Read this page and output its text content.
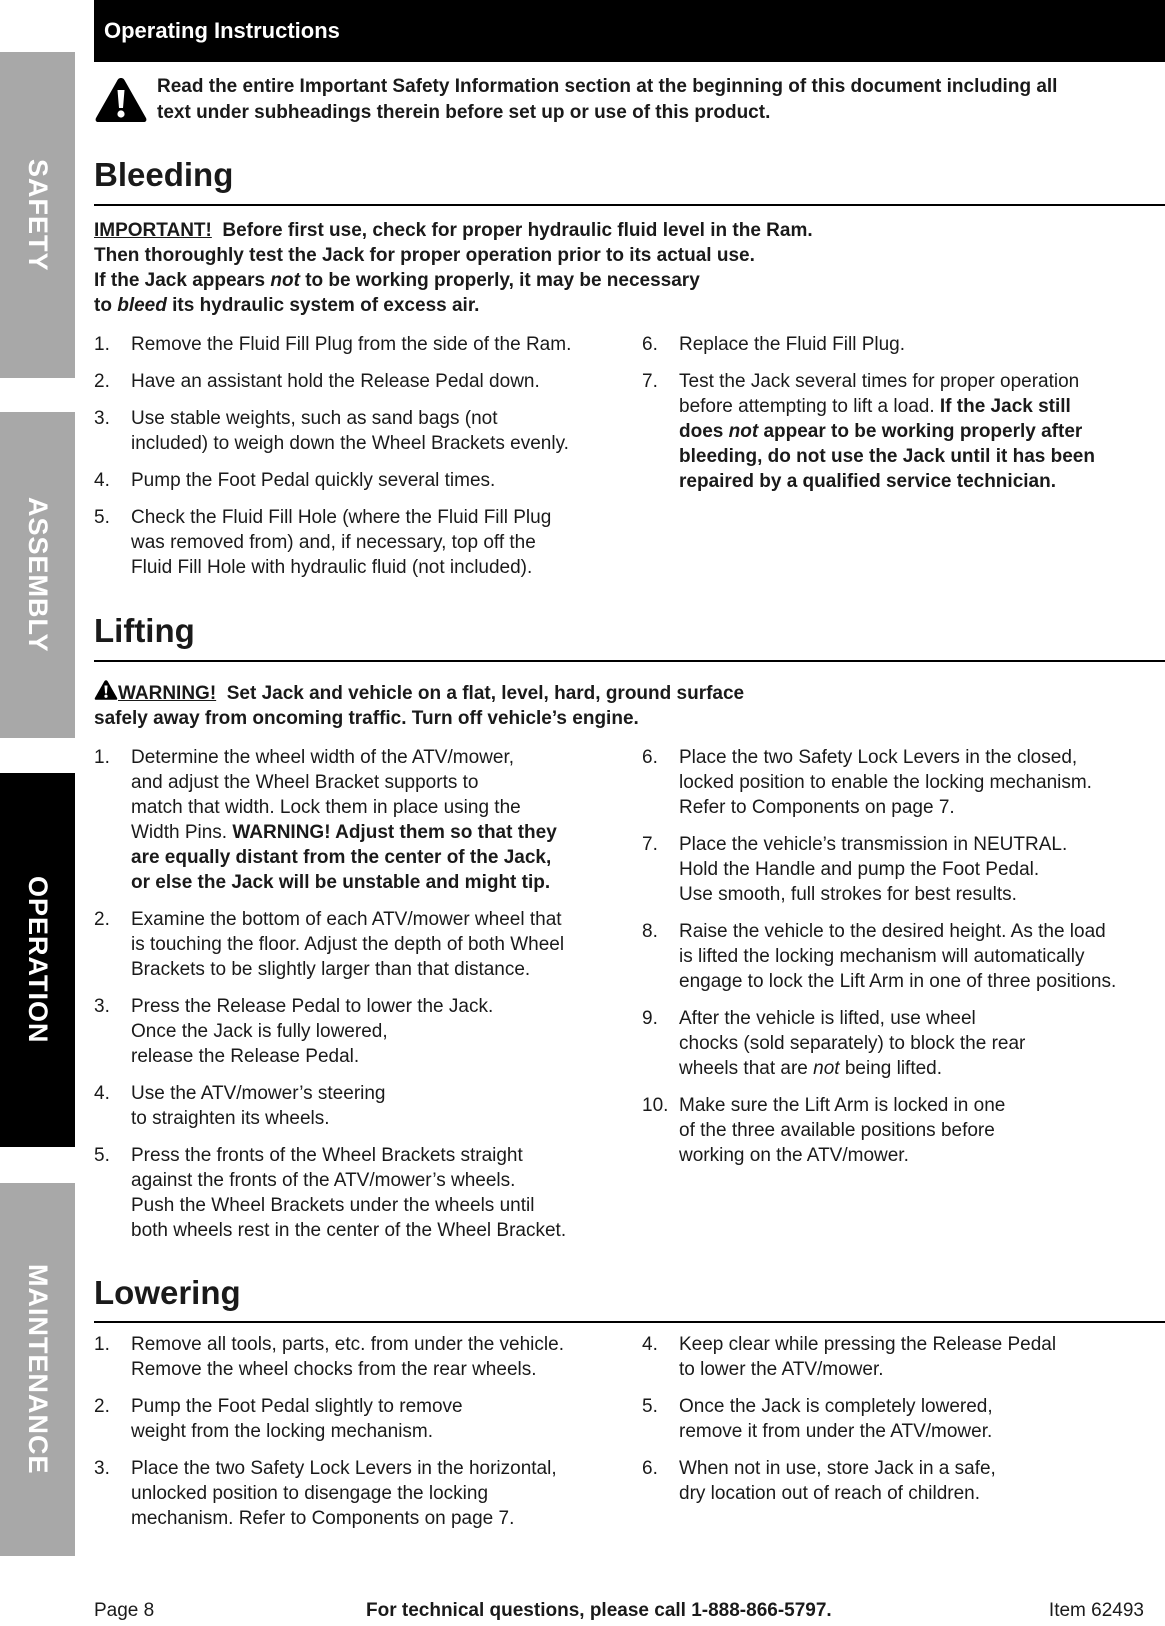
SAFETY
ASSEMBLY
OPERATION
MAINTENANCE
Operating Instructions
Read the entire Important Safety Information section at the beginning of this document including all
text under subheadings therein before set up or use of this product.
Bleeding
IMPORTANT! Before first use, check for proper hydraulic fluid level in the Ram.
Then thoroughly test the Jack for proper operation prior to its actual use.
If the Jack appears not to be working properly, it may be necessary
to bleed its hydraulic system of excess air.
1. Remove the Fluid Fill Plug from the side of the Ram.
2. Have an assistant hold the Release Pedal down.
3. Use stable weights, such as sand bags (not
included) to weigh down the Wheel Brackets evenly.
4. Pump the Foot Pedal quickly several times.
5. Check the Fluid Fill Hole (where the Fluid Fill Plug
was removed from) and, if necessary, top off the
Fluid Fill Hole with hydraulic fluid (not included).
6. Replace the Fluid Fill Plug.
7. Test the Jack several times for proper operation
before attempting to lift a load. If the Jack still
does not appear to be working properly after
bleeding, do not use the Jack until it has been
repaired by a qualified service technician.
Lifting
WARNING! Set Jack and vehicle on a flat, level, hard, ground surface
safely away from oncoming traffic. Turn off vehicle’s engine.
1. Determine the wheel width of the ATV/mower,
and adjust the Wheel Bracket supports to
match that width. Lock them in place using the
Width Pins. WARNING! Adjust them so that they
are equally distant from the center of the Jack,
or else the Jack will be unstable and might tip.
2. Examine the bottom of each ATV/mower wheel that
is touching the floor. Adjust the depth of both Wheel
Brackets to be slightly larger than that distance.
3. Press the Release Pedal to lower the Jack.
Once the Jack is fully lowered,
release the Release Pedal.
4. Use the ATV/mower’s steering
to straighten its wheels.
5. Press the fronts of the Wheel Brackets straight
against the fronts of the ATV/mower’s wheels.
Push the Wheel Brackets under the wheels until
both wheels rest in the center of the Wheel Bracket.
6. Place the two Safety Lock Levers in the closed,
locked position to enable the locking mechanism.
Refer to Components on page 7.
7. Place the vehicle’s transmission in NEUTRAL.
Hold the Handle and pump the Foot Pedal.
Use smooth, full strokes for best results.
8. Raise the vehicle to the desired height. As the load
is lifted the locking mechanism will automatically
engage to lock the Lift Arm in one of three positions.
9. After the vehicle is lifted, use wheel
chocks (sold separately) to block the rear
wheels that are not being lifted.
10. Make sure the Lift Arm is locked in one
of the three available positions before
working on the ATV/mower.
Lowering
1. Remove all tools, parts, etc. from under the vehicle.
Remove the wheel chocks from the rear wheels.
2. Pump the Foot Pedal slightly to remove
weight from the locking mechanism.
3. Place the two Safety Lock Levers in the horizontal,
unlocked position to disengage the locking
mechanism. Refer to Components on page 7.
4. Keep clear while pressing the Release Pedal
to lower the ATV/mower.
5. Once the Jack is completely lowered,
remove it from under the ATV/mower.
6. When not in use, store Jack in a safe,
dry location out of reach of children.
Page 8	For technical questions, please call 1-888-866-5797.	Item 62493
